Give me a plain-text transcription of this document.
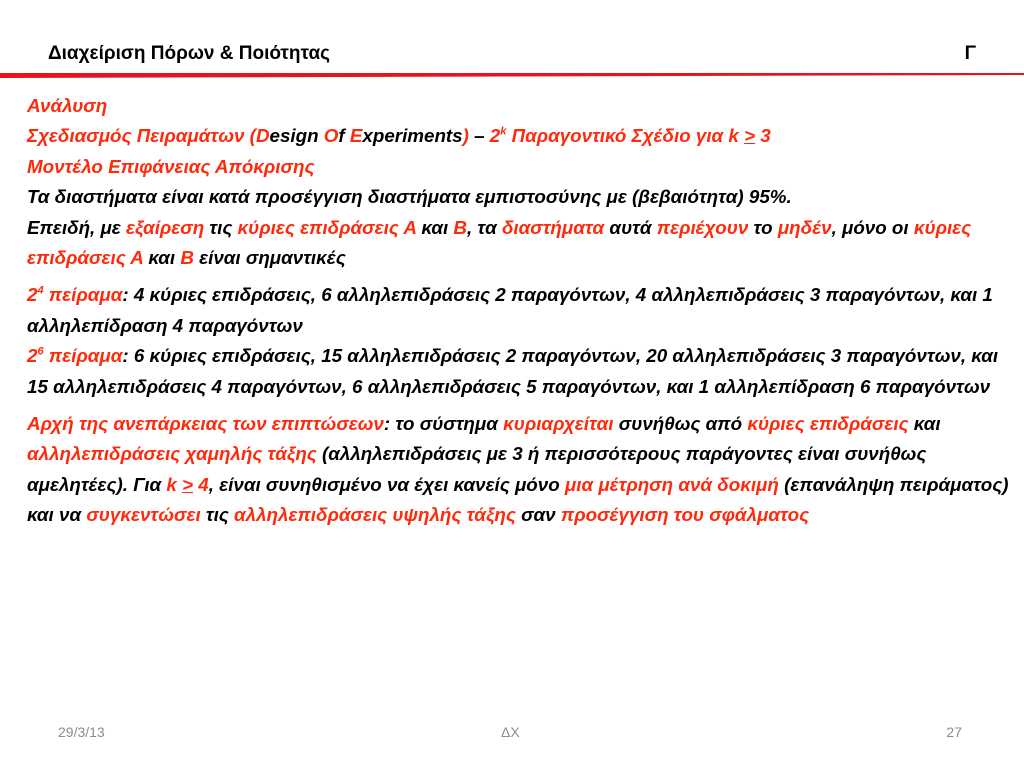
Διαχείριση Πόρων & Ποιότητας	Γ

Ανάλυση

Σχεδιασμός Πειραμάτων (Design Of Experiments) – 2$^k$ Παραγοντικό Σχέδιο για k ≥ 3

Μοντέλο Επιφάνειας Απόκρισης

Τα διαστήματα είναι κατά προσέγγιση διαστήματα εμπιστοσύνης με (βεβαιότητα) 95%.

Επειδή, με εξαίρεση τις κύριες επιδράσεις Α και Β, τα διαστήματα αυτά περιέχουν το μηδέν, μόνο οι κύριες επιδράσεις Α και Β είναι σημαντικές

$2^4$ πείραμα: 4 κύριες επιδράσεις, 6 αλληλεπιδράσεις 2 παραγόντων, 4 αλληλεπιδράσεις 3 παραγόντων, και 1 αλληλεπίδραση 4 παραγόντων

$2^6$ πείραμα: 6 κύριες επιδράσεις, 15 αλληλεπιδράσεις 2 παραγόντων, 20 αλληλεπιδράσεις 3 παραγόντων, και 15 αλληλεπιδράσεις 4 παραγόντων, 6 αλληλεπιδράσεις 5 παραγόντων, και 1 αλληλεπίδραση 6 παραγόντων

Αρχή της ανεπάρκειας των επιπτώσεων: το σύστημα κυριαρχείται συνήθως από κύριες επιδράσεις και αλληλεπιδράσεις χαμηλής τάξης (αλληλεπιδράσεις με 3 ή περισσότερους παράγοντες είναι συνήθως αμελητέες). Για k > 4, είναι συνηθισμένο να έχει κανείς μόνο μια μέτρηση ανά δοκιμή (επανάληψη πειράματος) και να συγκεντώσει τις αλληλεπιδράσεις υψηλής τάξης σαν προσέγγιση του σφάλματος

29/3/13	ΔΧ	27
